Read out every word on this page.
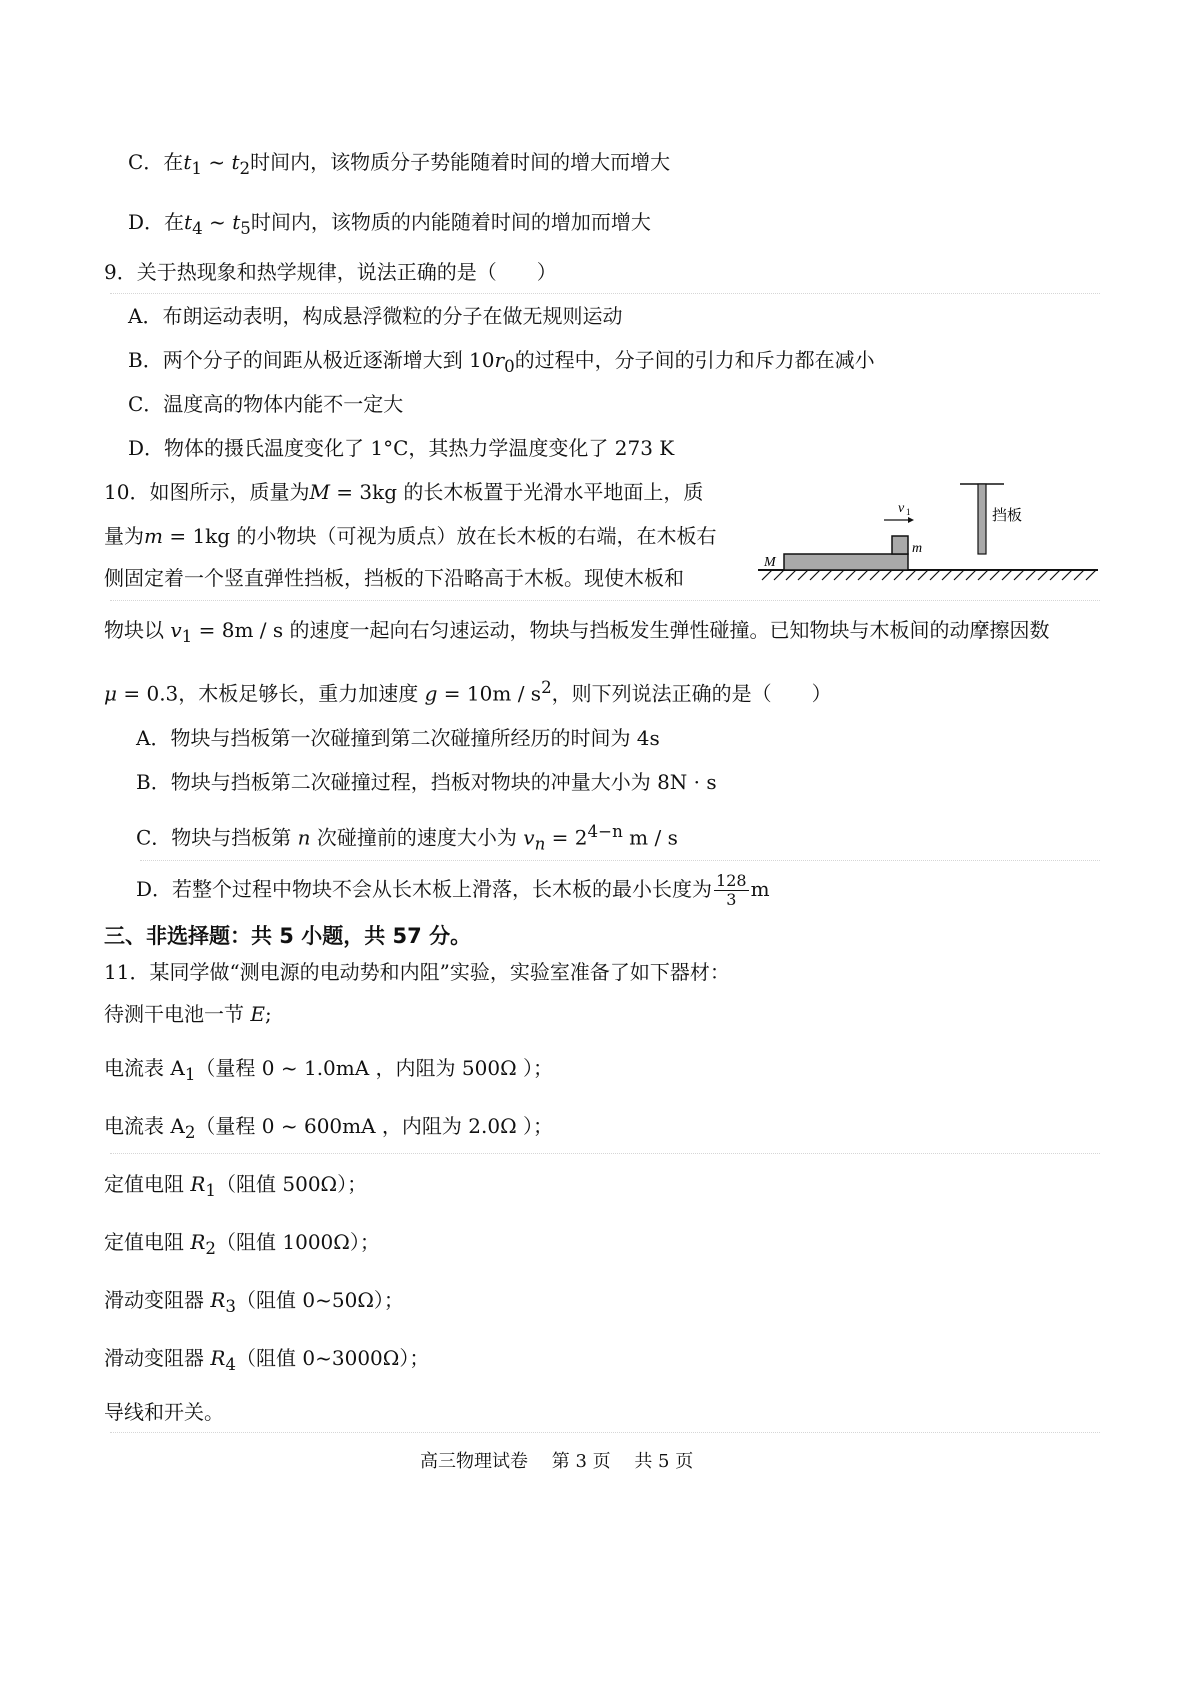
C．在$t_1$ ~ $t_2$时间内，该物质分子势能随着时间的增大而增大
D．在$t_4$ ~ $t_5$时间内，该物质的内能随着时间的增加而增大
9．关于热现象和热学规律，说法正确的是（　　）
A．布朗运动表明，构成悬浮微粒的分子在做无规则运动
B．两个分子的间距从极近逐渐增大到 $10r_0$的过程中，分子间的引力和斥力都在减小
C．温度高的物体内能不一定大
D．物体的摄氏温度变化了 1°C，其热力学温度变化了 273 K
10．如图所示，质量为M = 3kg 的长木板置于光滑水平地面上，质
量为m = 1kg 的小物块（可视为质点）放在长木板的右端，在木板右
侧固定着一个竖直弹性挡板，挡板的下沿略高于木板。现使木板和
物块以 $v_1 = 8m / s$ 的速度一起向右匀速运动，物块与挡板发生弹性碰撞。已知物块与木板间的动摩擦因数
μ = 0.3，木板足够长，重力加速度 $g = 10m / s^2$，则下列说法正确的是（　　）
A．物块与挡板第一次碰撞到第二次碰撞所经历的时间为 4s
B．物块与挡板第二次碰撞过程，挡板对物块的冲量大小为 8N · s
C．物块与挡板第 n 次碰撞前的速度大小为 $v_n = 2^{4-n}$ m / s
D．若整个过程中物块不会从长木板上滑落，长木板的最小长度为 $\frac{128}{3}$ m
v 1
m
M
挡板
三、非选择题：共 5 小题，共 57 分。
11．某同学做“测电源的电动势和内阻”实验，实验室准备了如下器材：
待测干电池一节 E;
电流表 $A_1$（量程 0 ~ 1.0mA ，内阻为 500Ω ）；
电流表 $A_2$（量程 0 ~ 600mA ，内阻为 2.0Ω ）；
定值电阻 $R_1$（阻值 500Ω）；
定值电阻 $R_2$（阻值 1000Ω）；
滑动变阻器 $R_3$（阻值 0~50Ω）；
滑动变阻器 $R_4$（阻值 0~3000Ω）；
导线和开关。
高三物理试卷　 第 3 页　 共 5 页
